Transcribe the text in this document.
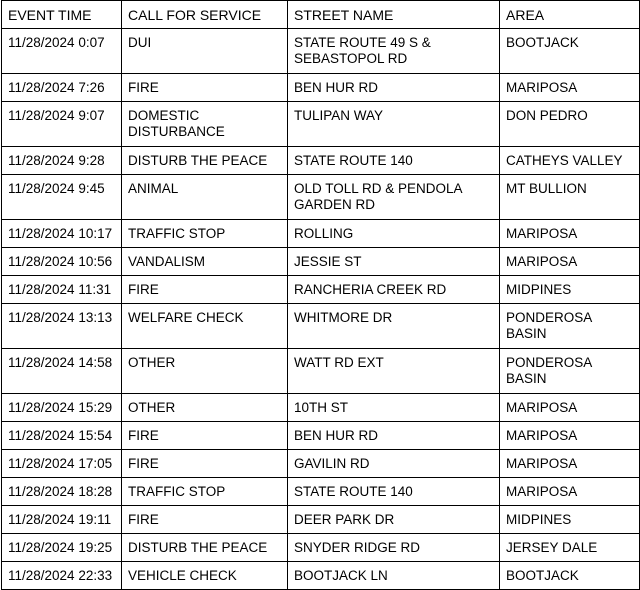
EVENT TIME	CALL FOR SERVICE	STREET NAME	AREA
11/28/2024 0:07	DUI	STATE ROUTE 49 S & SEBASTOPOL RD	BOOTJACK
11/28/2024 7:26	FIRE	BEN HUR RD	MARIPOSA
11/28/2024 9:07	DOMESTIC DISTURBANCE	TULIPAN WAY	DON PEDRO
11/28/2024 9:28	DISTURB THE PEACE	STATE ROUTE 140	CATHEYS VALLEY
11/28/2024 9:45	ANIMAL	OLD TOLL RD & PENDOLA GARDEN RD	MT BULLION
11/28/2024 10:17	TRAFFIC STOP	ROLLING	MARIPOSA
11/28/2024 10:56	VANDALISM	JESSIE ST	MARIPOSA
11/28/2024 11:31	FIRE	RANCHERIA CREEK RD	MIDPINES
11/28/2024 13:13	WELFARE CHECK	WHITMORE DR	PONDEROSA BASIN
11/28/2024 14:58	OTHER	WATT RD EXT	PONDEROSA BASIN
11/28/2024 15:29	OTHER	10TH ST	MARIPOSA
11/28/2024 15:54	FIRE	BEN HUR RD	MARIPOSA
11/28/2024 17:05	FIRE	GAVILIN RD	MARIPOSA
11/28/2024 18:28	TRAFFIC STOP	STATE ROUTE 140	MARIPOSA
11/28/2024 19:11	FIRE	DEER PARK DR	MIDPINES
11/28/2024 19:25	DISTURB THE PEACE	SNYDER RIDGE RD	JERSEY DALE
11/28/2024 22:33	VEHICLE CHECK	BOOTJACK LN	BOOTJACK
